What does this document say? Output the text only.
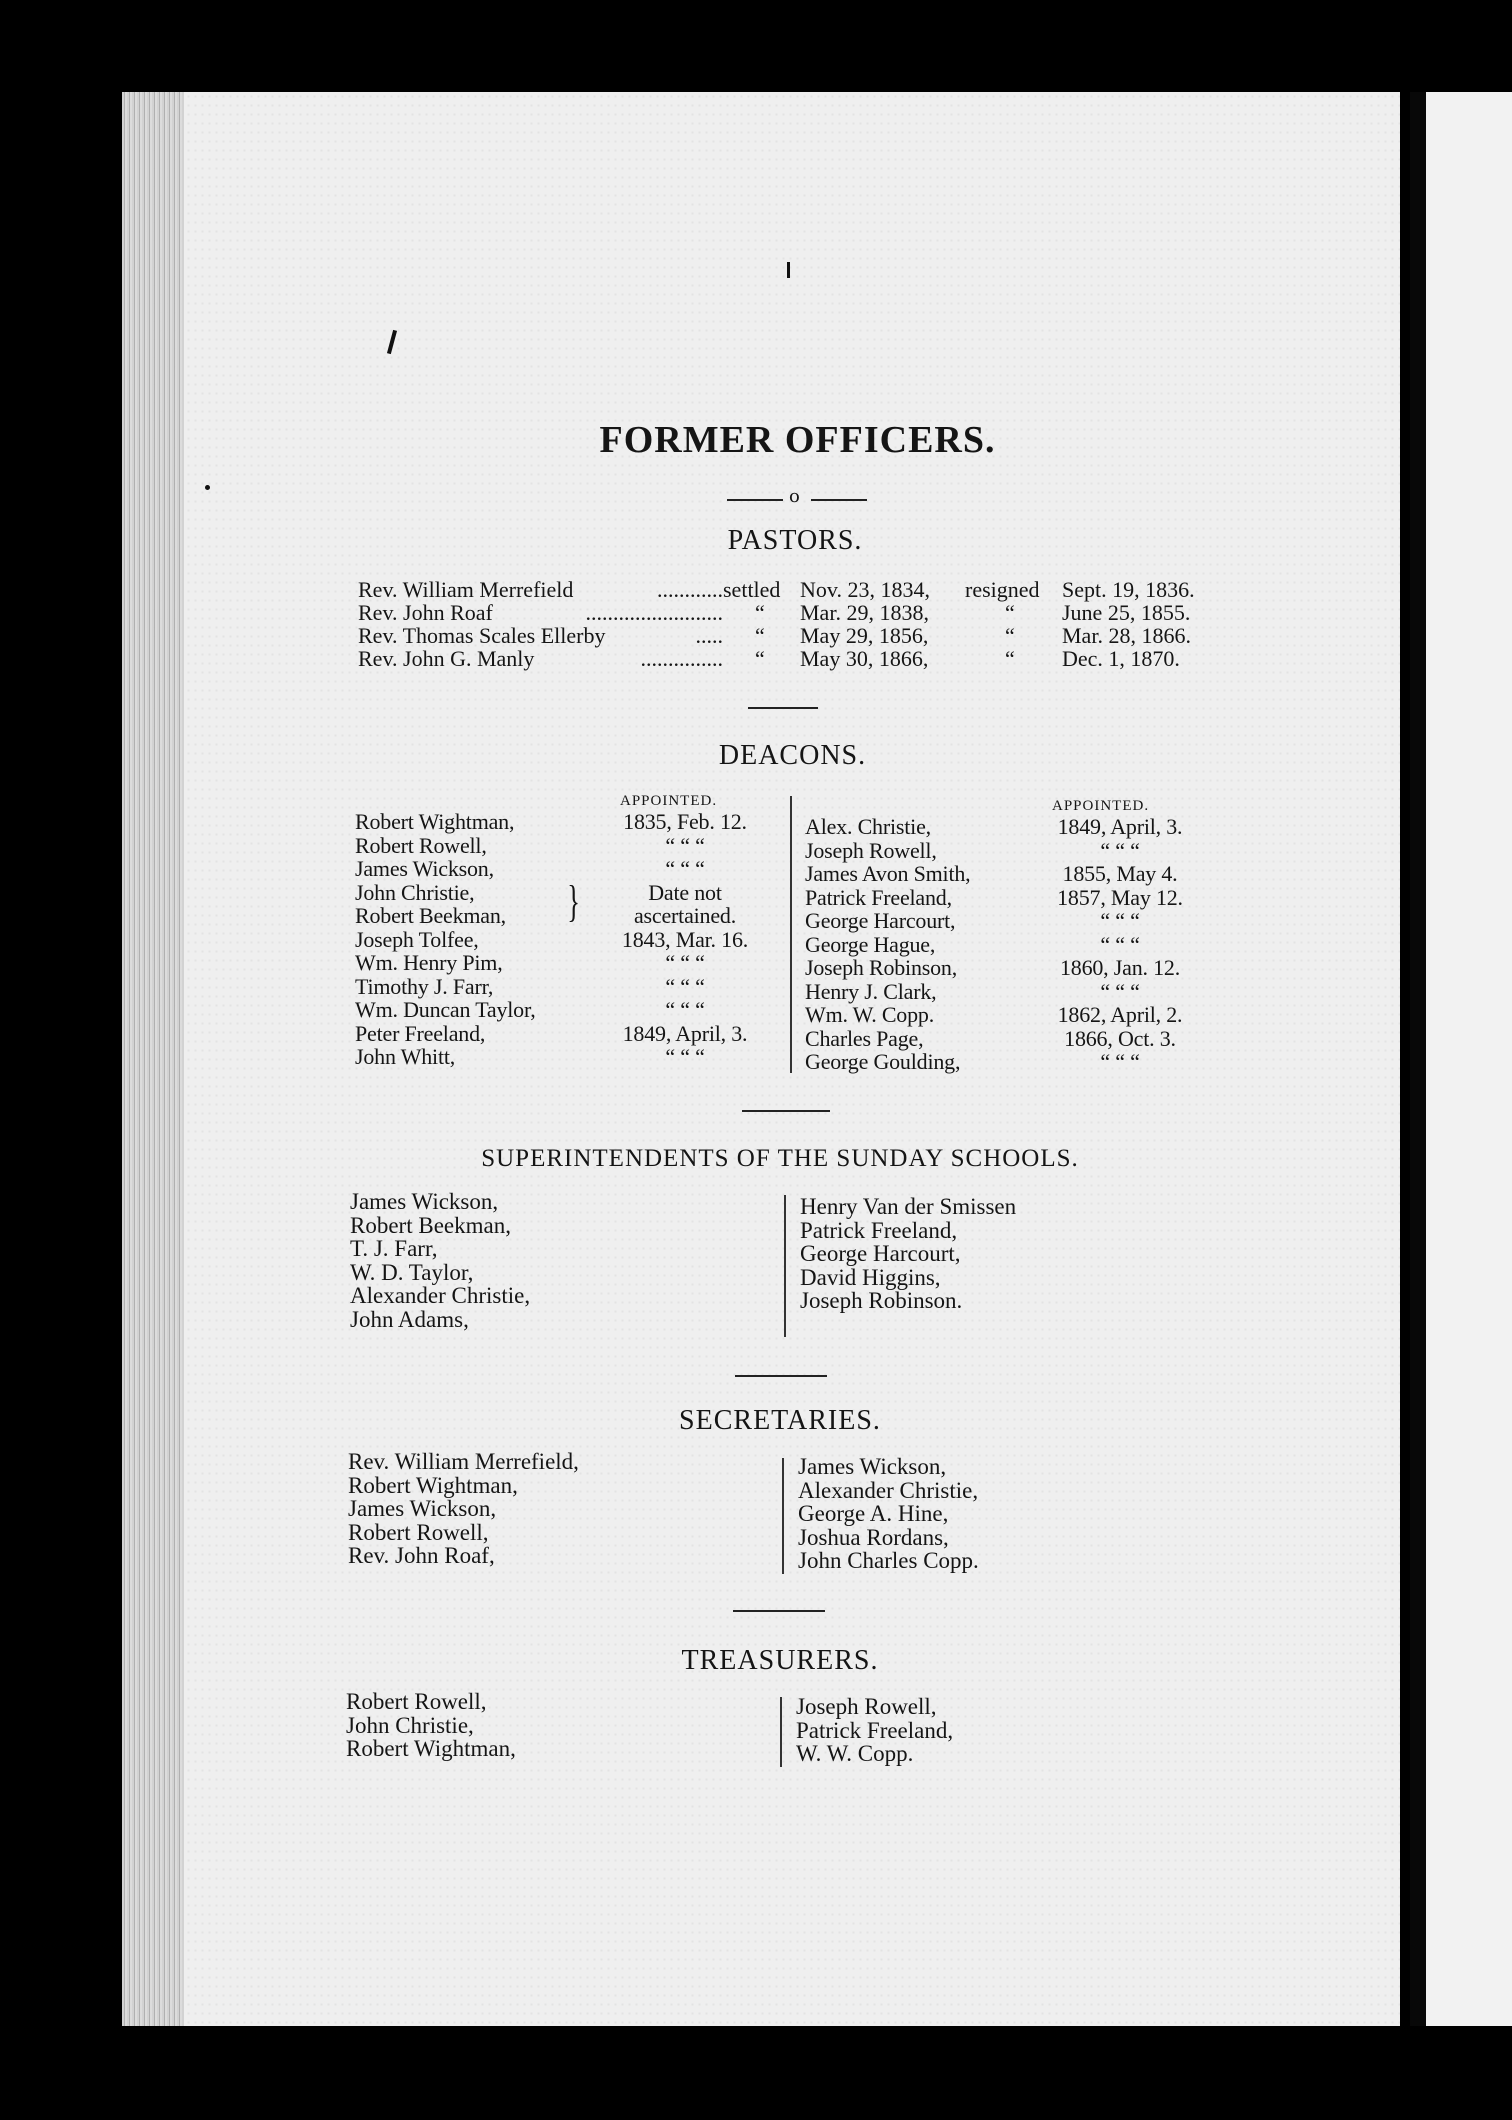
FORMER OFFICERS.
o
PASTORS.
Rev. William Merrefield	............ settled Nov. 23, 1834, resigned Sept. 19, 1836.
Rev. John Roaf	......................... “ Mar. 29, 1838,	“ June 25, 1855.
Rev. Thomas Scales Ellerby	..... “ May 29, 1856,	“ Mar. 28, 1866.
Rev. John G. Manly	............... “ May 30, 1866,	“ Dec. 1, 1870.
DEACONS.
APPOINTED.	APPOINTED.
Robert Wightman,	1835, Feb. 12.
Robert Rowell,	“ “ “
James Wickson,	“ “ “
John Christie,	Date not
Robert Beekman,	ascertained.
Joseph Tolfee,	1843, Mar. 16.
Wm. Henry Pim,	“ “ “
Timothy J. Farr,	“ “ “
Wm. Duncan Taylor,	“ “ “
Peter Freeland,	1849, April, 3.
John Whitt,	“ “ “
Alex. Christie,	1849, April, 3.
Joseph Rowell,	“ “ “
James Avon Smith,	1855, May 4.
Patrick Freeland,	1857, May 12.
George Harcourt,	“ “ “
George Hague,	“ “ “
Joseph Robinson,	1860, Jan. 12.
Henry J. Clark,	“ “ “
Wm. W. Copp.	1862, April, 2.
Charles Page,	1866, Oct. 3.
George Goulding,	“ “ “
}
SUPERINTENDENTS OF THE SUNDAY SCHOOLS.
James Wickson,
Robert Beekman,
T. J. Farr,
W. D. Taylor,
Alexander Christie,
John Adams,
Henry Van der Smissen
Patrick Freeland,
George Harcourt,
David Higgins,
Joseph Robinson.
SECRETARIES.
Rev. William Merrefield,
Robert Wightman,
James Wickson,
Robert Rowell,
Rev. John Roaf,
James Wickson,
Alexander Christie,
George A. Hine,
Joshua Rordans,
John Charles Copp.
TREASURERS.
Robert Rowell,
John Christie,
Robert Wightman,
Joseph Rowell,
Patrick Freeland,
W. W. Copp.
